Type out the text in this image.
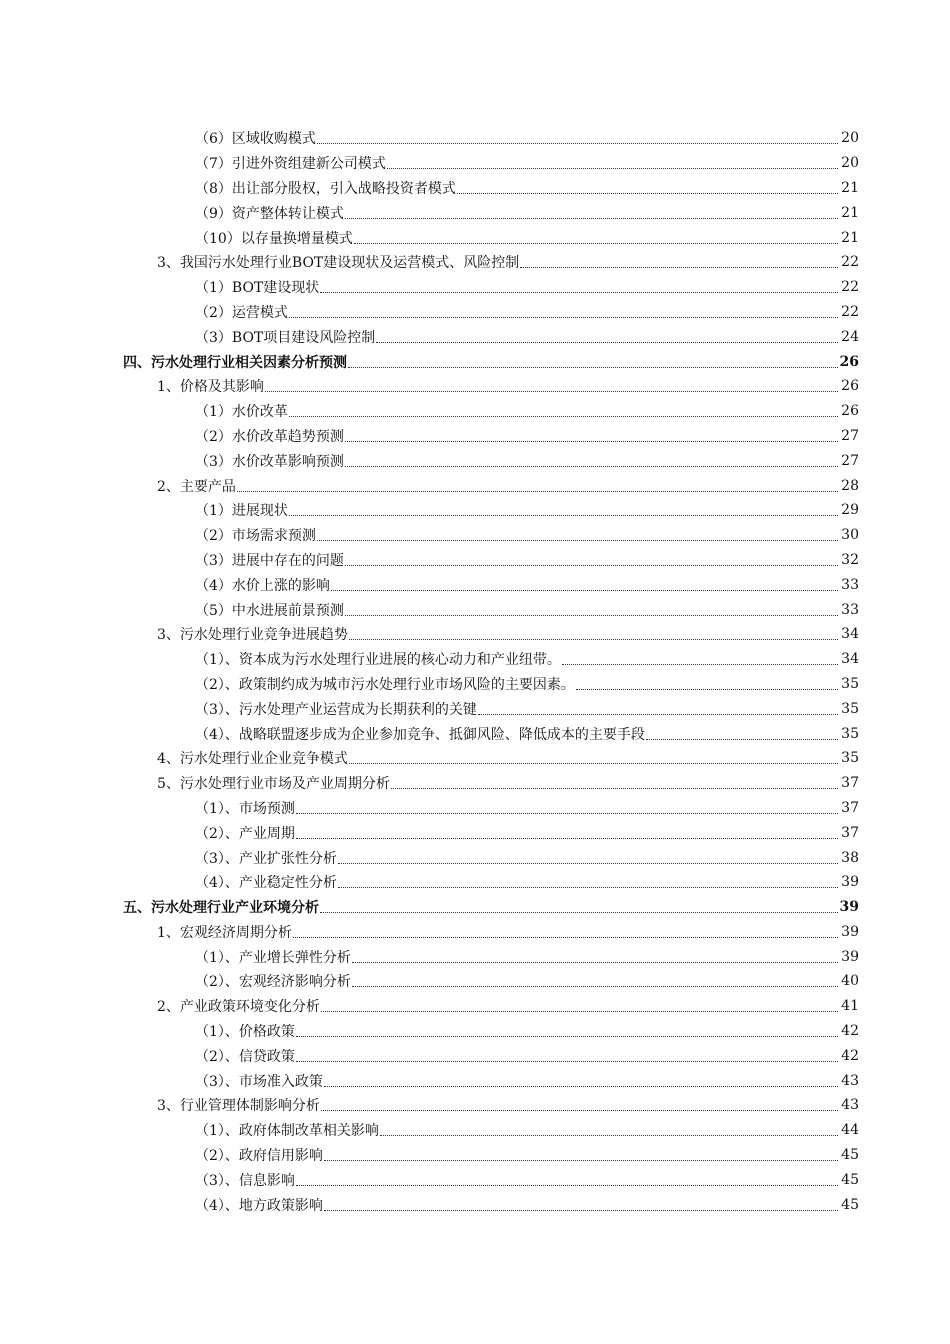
（6）区域收购模式	20
（7）引进外资组建新公司模式	20
（8）出让部分股权，引入战略投资者模式	21
（9）资产整体转让模式	21
（10）以存量换增量模式	21
3、我国污水处理行业BOT建设现状及运营模式、风险控制	22
（1）BOT建设现状	22
（2）运营模式	22
（3）BOT项目建设风险控制	24
四、污水处理行业相关因素分析预测	26
1、价格及其影响	26
（1）水价改革	26
（2）水价改革趋势预测	27
（3）水价改革影响预测	27
2、主要产品	28
（1）进展现状	29
（2）市场需求预测	30
（3）进展中存在的问题	32
（4）水价上涨的影响	33
（5）中水进展前景预测	33
3、污水处理行业竞争进展趋势	34
（1）、资本成为污水处理行业进展的核心动力和产业纽带。	34
（2）、政策制约成为城市污水处理行业市场风险的主要因素。	35
（3）、污水处理产业运营成为长期获利的关键	35
（4）、战略联盟逐步成为企业参加竞争、抵御风险、降低成本的主要手段	35
4、污水处理行业企业竞争模式	35
5、污水处理行业市场及产业周期分析	37
（1）、市场预测	37
（2）、产业周期	37
（3）、产业扩张性分析	38
（4）、产业稳定性分析	39
五、污水处理行业产业环境分析	39
1、宏观经济周期分析	39
（1）、产业增长弹性分析	39
（2）、宏观经济影响分析	40
2、产业政策环境变化分析	41
（1）、价格政策	42
（2）、信贷政策	42
（3）、市场准入政策	43
3、行业管理体制影响分析	43
（1）、政府体制改革相关影响	44
（2）、政府信用影响	45
（3）、信息影响	45
（4）、地方政策影响	45
